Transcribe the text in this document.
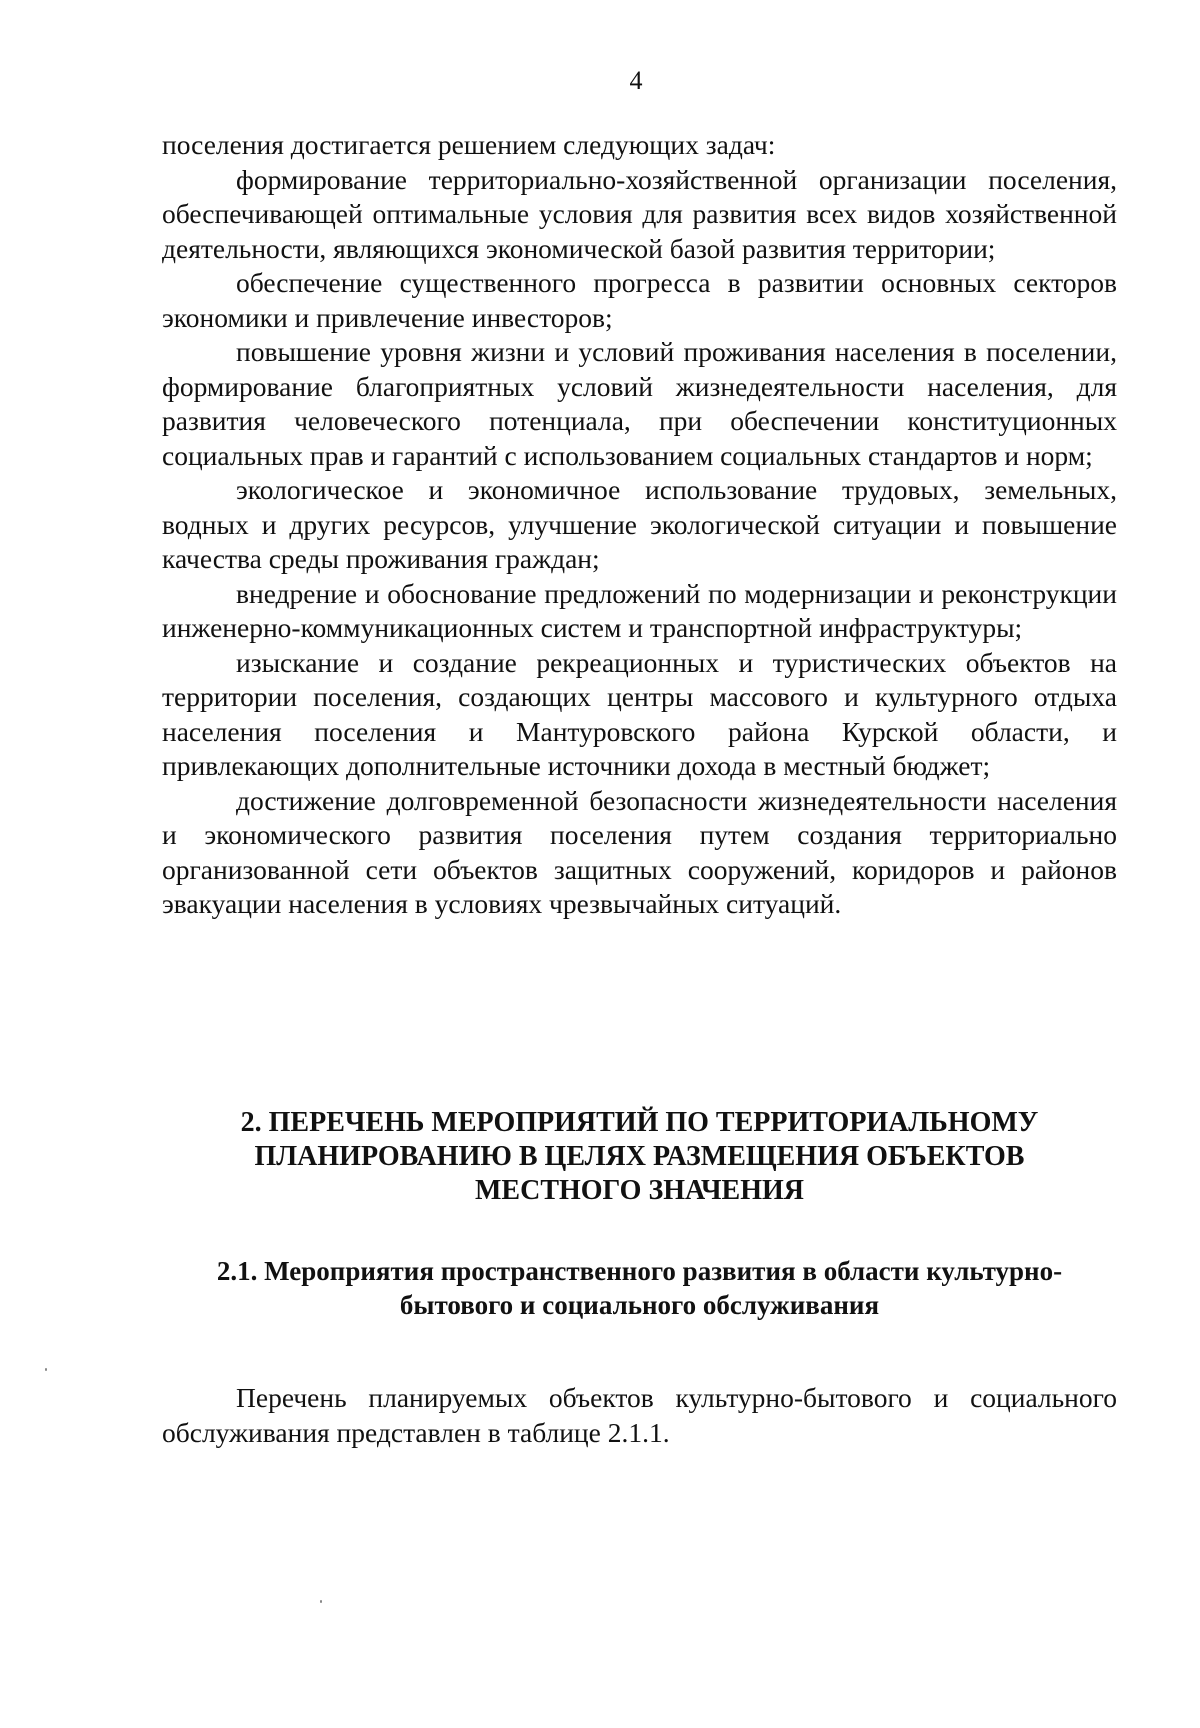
4

поселения достигается решением следующих задач:

формирование территориально-хозяйственной организации поселения, обеспечивающей оптимальные условия для развития всех видов хозяйственной деятельности, являющихся экономической базой развития территории;

обеспечение существенного прогресса в развитии основных секторов экономики и привлечение инвесторов;

повышение уровня жизни и условий проживания населения в поселении, формирование благоприятных условий жизнедеятельности населения, для развития человеческого потенциала, при обеспечении конституционных социальных прав и гарантий с использованием социальных стандартов и норм;

экологическое и экономичное использование трудовых, земельных, водных и других ресурсов, улучшение экологической ситуации и повышение качества среды проживания граждан;

внедрение и обоснование предложений по модернизации и реконструкции инженерно-коммуникационных систем и транспортной инфраструктуры;

изыскание и создание рекреационных и туристических объектов на территории поселения, создающих центры массового и культурного отдыха населения поселения и Мантуровского района Курской области, и привлекающих дополнительные источники дохода в местный бюджет;

достижение долговременной безопасности жизнедеятельности населения и экономического развития поселения путем создания территориально организованной сети объектов защитных сооружений, коридоров и районов эвакуации населения в условиях чрезвычайных ситуаций.

2. ПЕРЕЧЕНЬ МЕРОПРИЯТИЙ ПО ТЕРРИТОРИАЛЬНОМУ
ПЛАНИРОВАНИЮ В ЦЕЛЯХ РАЗМЕЩЕНИЯ ОБЪЕКТОВ
МЕСТНОГО ЗНАЧЕНИЯ
2.1. Мероприятия пространственного развития в области культурно-
бытового и социального обслуживания

Перечень планируемых объектов культурно-бытового и социального обслуживания представлен в таблице 2.1.1.
